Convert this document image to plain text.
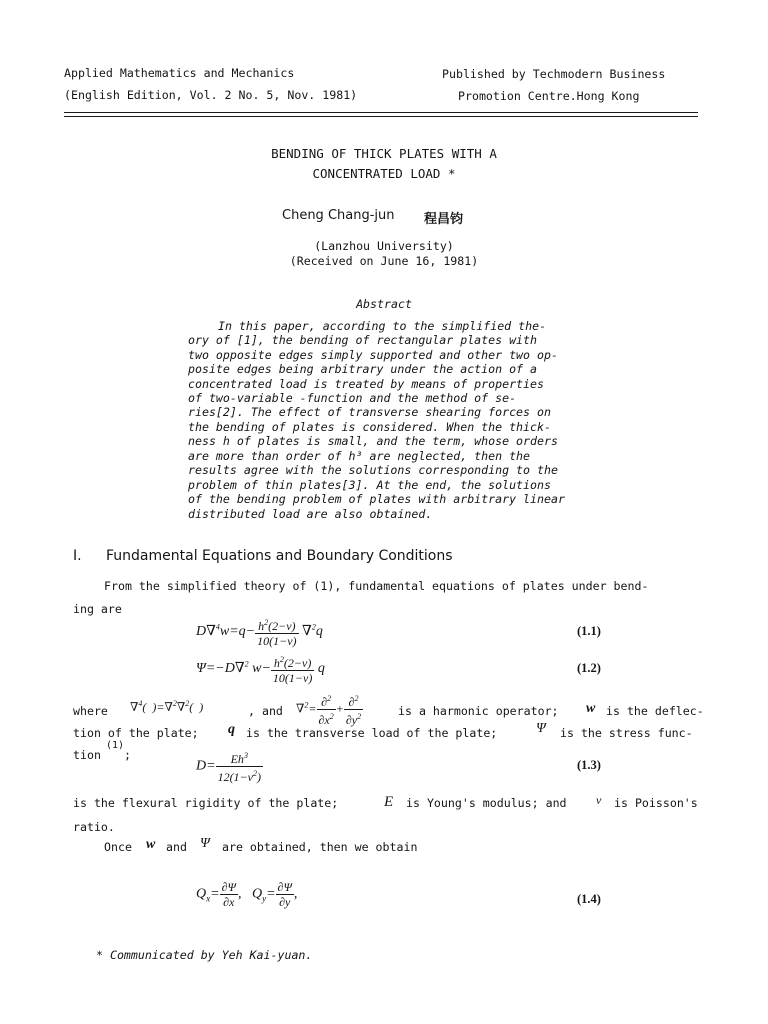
Applied Mathematics and Mechanics
(English Edition, Vol. 2 No. 5, Nov. 1981)
Published by Techmodern Business
Promotion Centre.Hong Kong
BENDING OF THICK PLATES WITH A
CONCENTRATED LOAD *
Cheng Chang-jun 程昌钧
(Lanzhou University)
(Received on June 16, 1981)
Abstract
In this paper, according to the simplified the-
ory of [1], the bending of rectangular plates with
two opposite edges simply supported and other two op-
posite edges being arbitrary under the action of a
concentrated load is treated by means of properties
of two-variable -function and the method of se-
ries[2]. The effect of transverse shearing forces on
the bending of plates is considered. When the thick-
ness h of plates is small, and the term, whose orders
are more than order of h³ are neglected, then the
results agree with the solutions corresponding to the
problem of thin plates[3]. At the end, the solutions
of the bending problem of plates with arbitrary linear
distributed load are also obtained.
I. Fundamental Equations and Boundary Conditions
From the simplified theory of (1), fundamental equations of plates under bend-
ing are
$D\nabla^4w=q- \frac{h^2(2-\nu)}{10(1-\nu)} \nabla^2q$	(1.1)
Ψ=−D∇$^2$ $w- \frac{h^2(2-\nu)}{10(1-\nu)}$ q	(1.2)
where ∇$^4$(  )=∇$^2$∇$^2$(  )	, and $\nabla^2= \frac{\partial^2}{\partial x^2} + \frac{\partial^2}{\partial y^2}$	is a harmonic operator; w is the deflec-
tion of the plate; q is the transverse load of the plate;	Ψ is the stress func-
tion
(1)
;
$D= \frac{Eh^3}{12(1-\nu^2)}$	(1.3)
is the flexural rigidity of the plate;	E is Young's modulus; and ν is Poisson's
ratio.
Once w and Ψ are obtained, then we obtain
$Q_x= \frac{\partial\Psi}{\partial x}$ ,   $Q_y= \frac{\partial\Psi}{\partial y}$ ,	(1.4)
* Communicated by Yeh Kai-yuan.
